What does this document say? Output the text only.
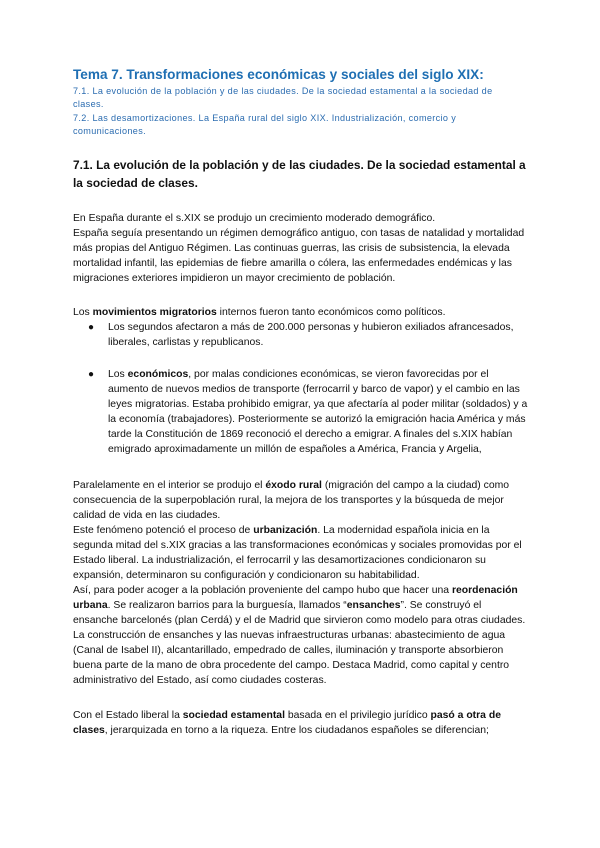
Tema 7. Transformaciones económicas y sociales del siglo XIX:
7.1. La evolución de la población y de las ciudades. De la sociedad estamental a la sociedad de
clases.
7.2. Las desamortizaciones. La España rural del siglo XIX. Industrialización, comercio y
comunicaciones.
7.1. La evolución de la población y de las ciudades. De la sociedad estamental a la sociedad de clases.

En España durante el s.XIX se produjo un crecimiento moderado demográfico.
España seguía presentando un régimen demográfico antiguo, con tasas de natalidad y mortalidad más propias del Antiguo Régimen. Las continuas guerras, las crisis de subsistencia, la elevada mortalidad infantil, las epidemias de fiebre amarilla o cólera, las enfermedades endémicas y las migraciones exteriores impidieron un mayor crecimiento de población.

Los movimientos migratorios internos fueron tanto económicos como políticos.

● Los segundos afectaron a más de 200.000 personas y hubieron exiliados afrancesados, liberales, carlistas y republicanos.
● Los económicos, por malas condiciones económicas, se vieron favorecidas por el aumento de nuevos medios de transporte (ferrocarril y barco de vapor) y el cambio en las leyes migratorias. Estaba prohibido emigrar, ya que afectaría al poder militar (soldados) y a la economía (trabajadores). Posteriormente se autorizó la emigración hacia América y más tarde la Constitución de 1869 reconoció el derecho a emigrar. A finales del s.XIX habían emigrado aproximadamente un millón de españoles a América, Francia y Argelia,

Paralelamente en el interior se produjo el éxodo rural (migración del campo a la ciudad) como consecuencia de la superpoblación rural, la mejora de los transportes y la búsqueda de mejor calidad de vida en las ciudades.
Este fenómeno potenció el proceso de urbanización. La modernidad española inicia en la segunda mitad del s.XIX gracias a las transformaciones económicas y sociales promovidas por el Estado liberal. La industrialización, el ferrocarril y las desamortizaciones condicionaron su expansión, determinaron su configuración y condicionaron su habitabilidad.
Así, para poder acoger a la población proveniente del campo hubo que hacer una reordenación urbana. Se realizaron barrios para la burguesía, llamados “ensanches”. Se construyó el ensanche barcelonés (plan Cerdá) y el de Madrid que sirvieron como modelo para otras ciudades. La construcción de ensanches y las nuevas infraestructuras urbanas: abastecimiento de agua (Canal de Isabel II), alcantarillado, empedrado de calles, iluminación y transporte absorbieron buena parte de la mano de obra procedente del campo. Destaca Madrid, como capital y centro administrativo del Estado, así como ciudades costeras.

Con el Estado liberal la sociedad estamental basada en el privilegio jurídico pasó a otra de clases, jerarquizada en torno a la riqueza. Entre los ciudadanos españoles se diferencian;
